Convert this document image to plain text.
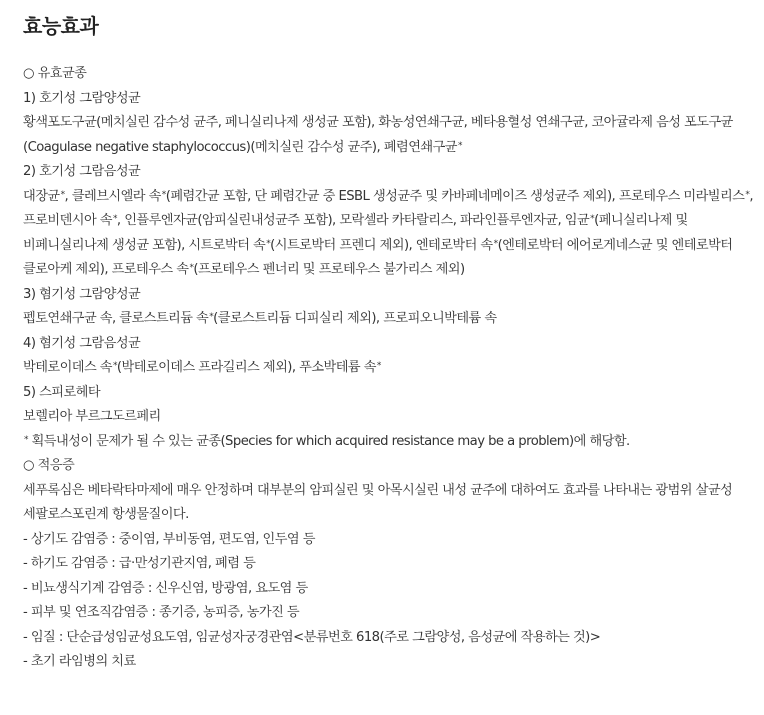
효능효과

○ 유효균종

1) 호기성 그람양성균

황색포도구균(메치실린 감수성 균주, 페니실리나제 생성균 포함), 화농성연쇄구균, 베타용혈성 연쇄구균, 코아귤라제 음성 포도구균(Coagulase negative staphylococcus)(메치실린 감수성 균주), 폐렴연쇄구균*

2) 호기성 그람음성균

대장균*, 클레브시엘라 속*(폐렴간균 포함, 단 폐렴간균 중 ESBL 생성균주 및 카바페네메이즈 생성균주 제외), 프로테우스 미라빌리스*, 프로비덴시아 속*, 인플루엔자균(암피실린내성균주 포함), 모락셀라 카타랄리스, 파라인플루엔자균, 임균*(페니실리나제 및 비페니실리나제 생성균 포함), 시트로박터 속*(시트로박터 프렌디 제외), 엔테로박터 속*(엔테로박터 에어로게네스균 및 엔테로박터 클로아케 제외), 프로테우스 속*(프로테우스 펜너리 및 프로테우스 불가리스 제외)

3) 혐기성 그람양성균

펩토연쇄구균 속, 클로스트리듐 속*(클로스트리듐 디피실리 제외), 프로피오니박테륨 속

4) 혐기성 그람음성균

박테로이데스 속*(박테로이데스 프라길리스 제외), 푸소박테륨 속*

5) 스피로헤타

보렐리아 부르그도르페리

* 획득내성이 문제가 될 수 있는 균종(Species for which acquired resistance may be a problem)에 해당함.

○ 적응증

세푸록심은 베타락타마제에 매우 안정하며 대부분의 암피실린 및 아목시실린 내성 균주에 대하여도 효과를 나타내는 광범위 살균성 세팔로스포린계 항생물질이다.

- 상기도 감염증 : 중이염, 부비동염, 편도염, 인두염 등

- 하기도 감염증 : 급·만성기관지염, 폐렴 등

- 비뇨생식기계 감염증 : 신우신염, 방광염, 요도염 등

- 피부 및 연조직감염증 : 종기증, 농피증, 농가진 등

- 임질 : 단순급성임균성요도염, 임균성자궁경관염<분류번호 618(주로 그람양성, 음성균에 작용하는 것)>

- 초기 라임병의 치료
